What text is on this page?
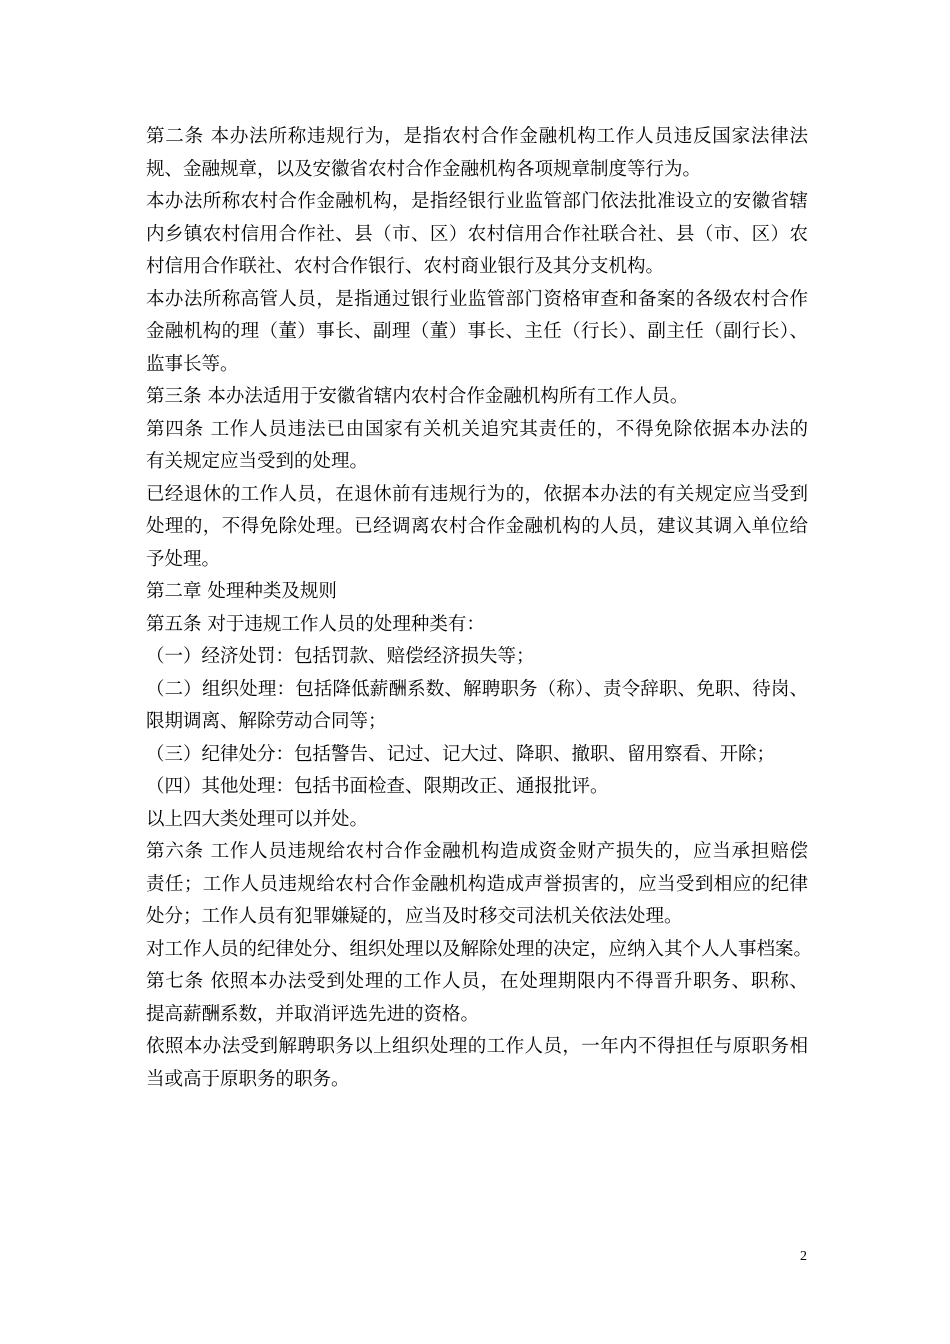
第二条 本办法所称违规行为，是指农村合作金融机构工作人员违反国家法律法
规、金融规章，以及安徽省农村合作金融机构各项规章制度等行为。
本办法所称农村合作金融机构，是指经银行业监管部门依法批准设立的安徽省辖
内乡镇农村信用合作社、县（市、区）农村信用合作社联合社、县（市、区）农
村信用合作联社、农村合作银行、农村商业银行及其分支机构。
本办法所称高管人员，是指通过银行业监管部门资格审查和备案的各级农村合作
金融机构的理（董）事长、副理（董）事长、主任（行长）、副主任（副行长）、
监事长等。
第三条 本办法适用于安徽省辖内农村合作金融机构所有工作人员。
第四条 工作人员违法已由国家有关机关追究其责任的，不得免除依据本办法的
有关规定应当受到的处理。
已经退休的工作人员，在退休前有违规行为的，依据本办法的有关规定应当受到
处理的，不得免除处理。已经调离农村合作金融机构的人员，建议其调入单位给
予处理。
第二章 处理种类及规则
第五条 对于违规工作人员的处理种类有：
（一）经济处罚：包括罚款、赔偿经济损失等；
（二）组织处理：包括降低薪酬系数、解聘职务（称）、责令辞职、免职、待岗、
限期调离、解除劳动合同等；
（三）纪律处分：包括警告、记过、记大过、降职、撤职、留用察看、开除；
（四）其他处理：包括书面检查、限期改正、通报批评。
以上四大类处理可以并处。
第六条 工作人员违规给农村合作金融机构造成资金财产损失的，应当承担赔偿
责任；工作人员违规给农村合作金融机构造成声誉损害的，应当受到相应的纪律
处分；工作人员有犯罪嫌疑的，应当及时移交司法机关依法处理。
对工作人员的纪律处分、组织处理以及解除处理的决定，应纳入其个人人事档案。
第七条 依照本办法受到处理的工作人员，在处理期限内不得晋升职务、职称、
提高薪酬系数，并取消评选先进的资格。
依照本办法受到解聘职务以上组织处理的工作人员，一年内不得担任与原职务相
当或高于原职务的职务。
2
